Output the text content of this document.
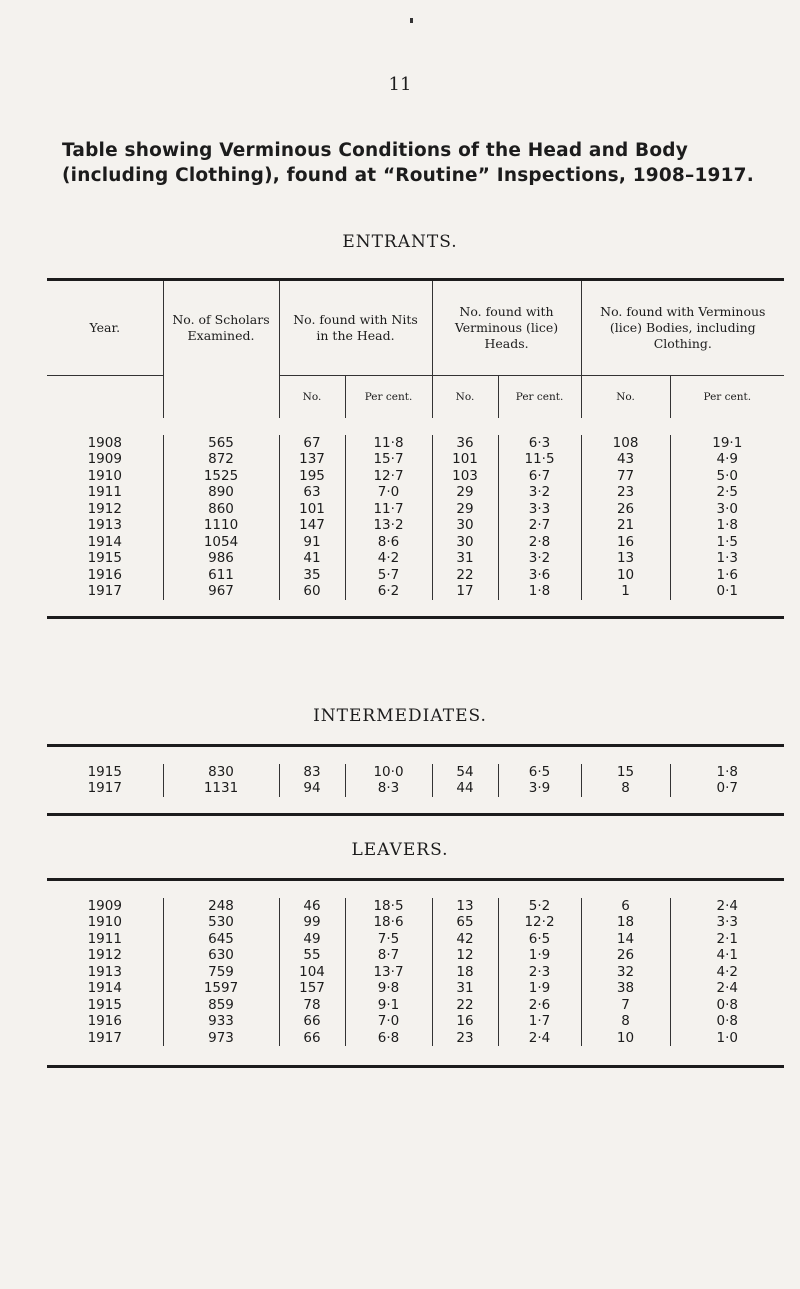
11
Table showing Verminous Conditions of the Head and Body (including Clothing), found at “Routine” Inspections, 1908–1917.
ENTRANTS.
Year.	No. of Scholars Examined.	No. found with Nits in the Head.		No. found with Verminous (lice) Heads.		No. found with Verminous (lice) Bodies, including Clothing.	
		No.	Per cent.	No.	Per cent.	No.	Per cent.

1908	565	67	11·8	36	6·3	108	19·1
1909	872	137	15·7	101	11·5	43	4·9
1910	1525	195	12·7	103	6·7	77	5·0
1911	890	63	7·0	29	3·2	23	2·5
1912	860	101	11·7	29	3·3	26	3·0
1913	1110	147	13·2	30	2·7	21	1·8
1914	1054	91	8·6	30	2·8	16	1·5
1915	986	41	4·2	31	3·2	13	1·3
1916	611	35	5·7	22	3·6	10	1·6
1917	967	60	6·2	17	1·8	1	0·1

INTERMEDIATES.

1915	830	83	10·0	54	6·5	15	1·8
1917	1131	94	8·3	44	3·9	8	0·7

LEAVERS.

1909	248	46	18·5	13	5·2	6	2·4
1910	530	99	18·6	65	12·2	18	3·3
1911	645	49	7·5	42	6·5	14	2·1
1912	630	55	8·7	12	1·9	26	4·1
1913	759	104	13·7	18	2·3	32	4·2
1914	1597	157	9·8	31	1·9	38	2·4
1915	859	78	9·1	22	2·6	7	0·8
1916	933	66	7·0	16	1·7	8	0·8
1917	973	66	6·8	23	2·4	10	1·0
